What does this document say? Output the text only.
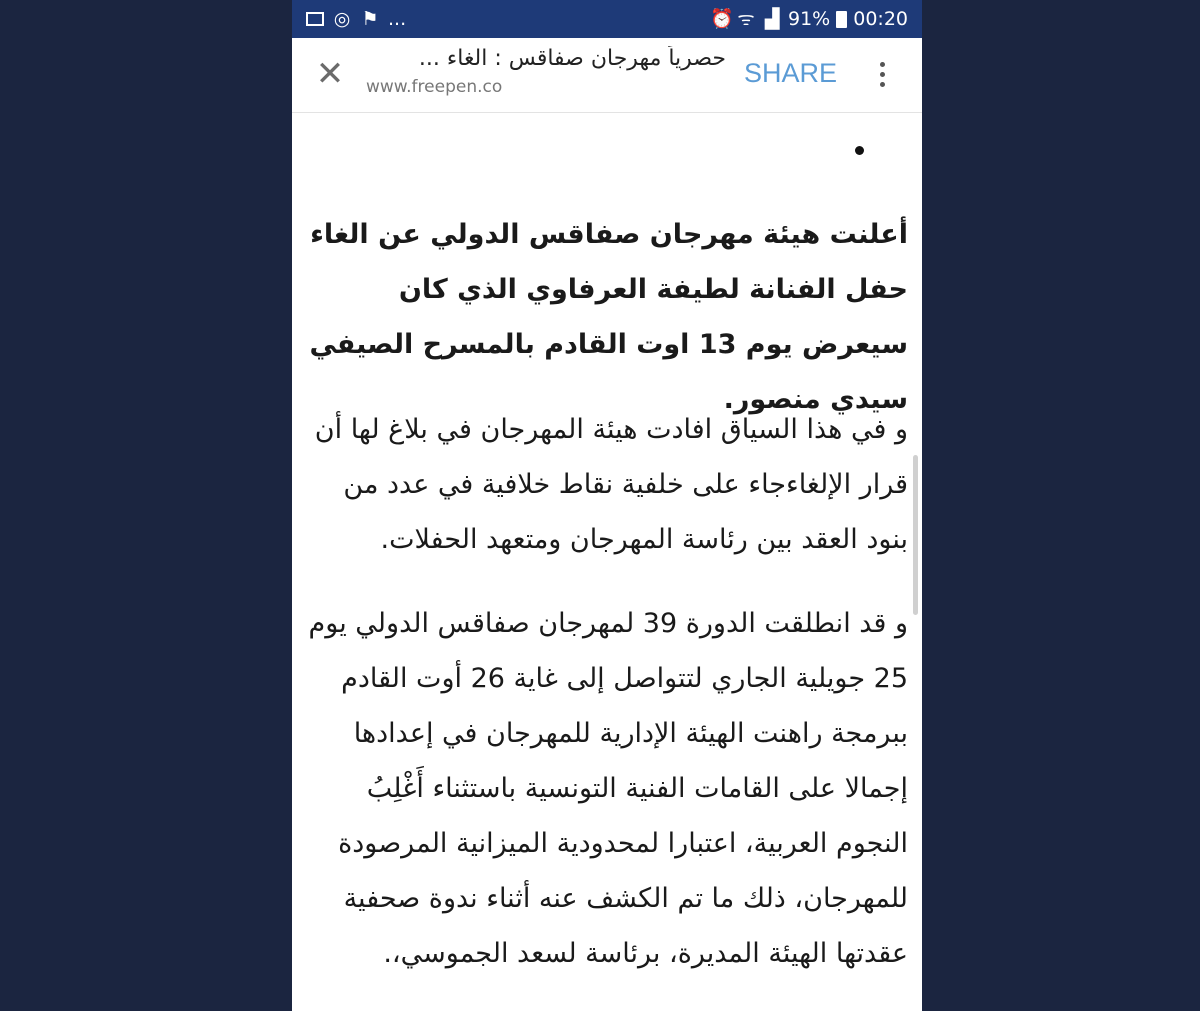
◎ ⚑ ...	⏰ ᯤ ▟ 91% 00:20
✕	حصرياً مهرجان صفاقس : الغاء ...
www.freepen.co	SHARE

أعلنت هيئة مهرجان صفاقس الدولي عن الغاء حفل الفنانة لطيفة العرفاوي الذي كان سيعرض يوم 13 اوت القادم بالمسرح الصيفي سيدي منصور.

و في هذا السياق افادت هيئة المهرجان في بلاغ لها أن قرار الإلغاءجاء على خلفية نقاط خلافية في عدد من بنود العقد بين رئاسة المهرجان ومتعهد الحفلات.

و قد انطلقت الدورة 39 لمهرجان صفاقس الدولي يوم 25 جويلية الجاري لتتواصل إلى غاية 26 أوت القادم ببرمجة راهنت الهيئة الإدارية للمهرجان في إعدادها إجمالا على القامات الفنية التونسية باستثناء أَغْلِبُ النجوم العربية، اعتبارا لمحدودية الميزانية المرصودة للمهرجان، ذلك ما تم الكشف عنه أثناء ندوة صحفية عقدتها الهيئة المديرة، برئاسة لسعد الجموسي،.
